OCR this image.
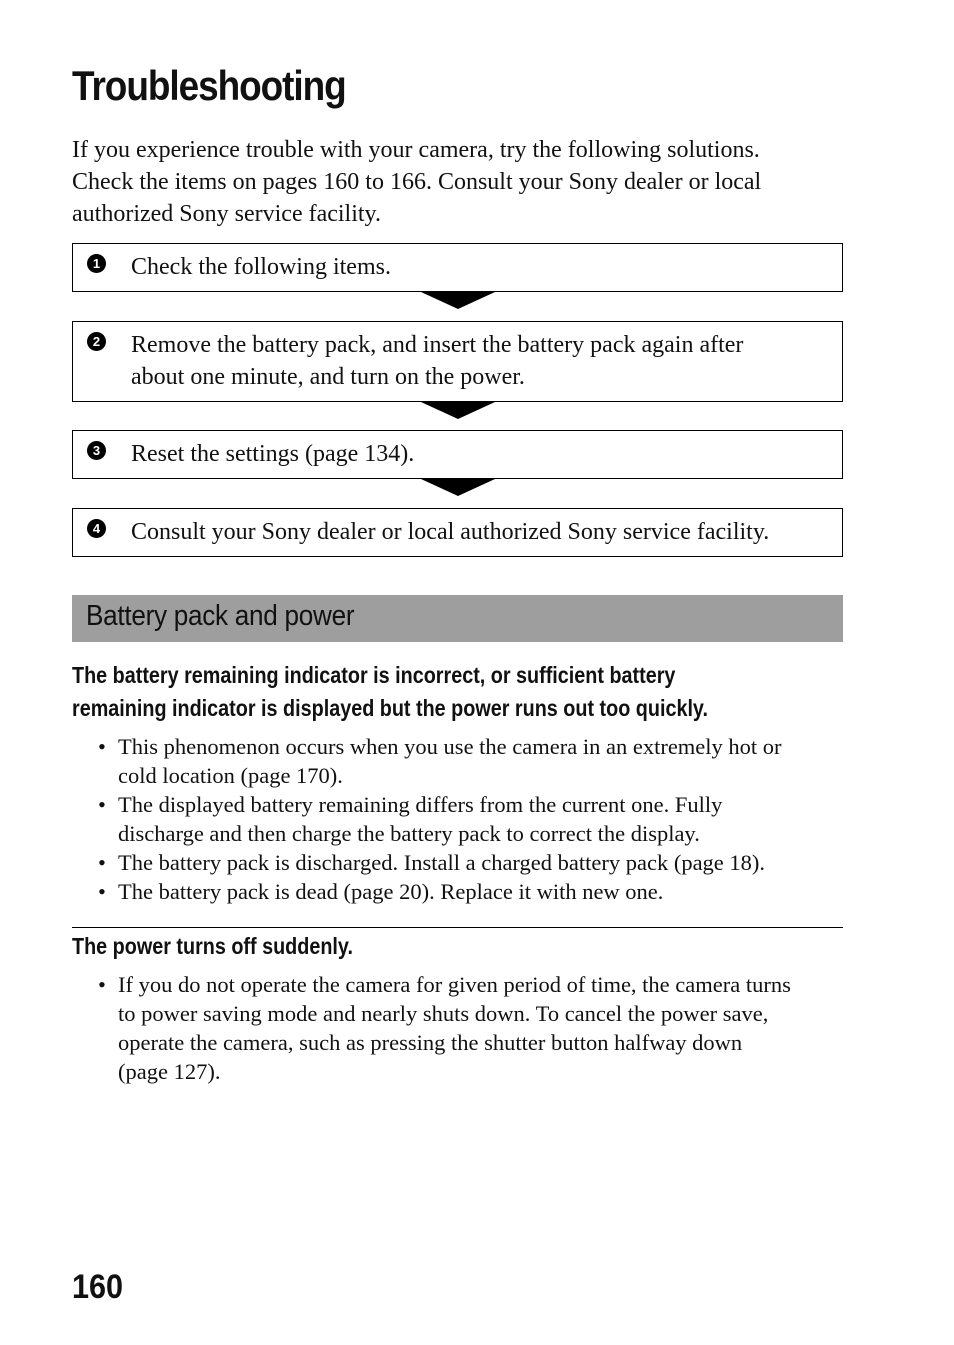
Troubleshooting
If you experience trouble with your camera, try the following solutions.
Check the items on pages 160 to 166. Consult your Sony dealer or local
authorized Sony service facility.
1 Check the following items.
2 Remove the battery pack, and insert the battery pack again after
about one minute, and turn on the power.
3 Reset the settings (page 134).
4 Consult your Sony dealer or local authorized Sony service facility.
Battery pack and power
The battery remaining indicator is incorrect, or sufficient battery
remaining indicator is displayed but the power runs out too quickly.
• This phenomenon occurs when you use the camera in an extremely hot or
cold location (page 170).
• The displayed battery remaining differs from the current one. Fully
discharge and then charge the battery pack to correct the display.
• The battery pack is discharged. Install a charged battery pack (page 18).
• The battery pack is dead (page 20). Replace it with new one.
The power turns off suddenly.
• If you do not operate the camera for given period of time, the camera turns
to power saving mode and nearly shuts down. To cancel the power save,
operate the camera, such as pressing the shutter button halfway down
(page 127).
160
